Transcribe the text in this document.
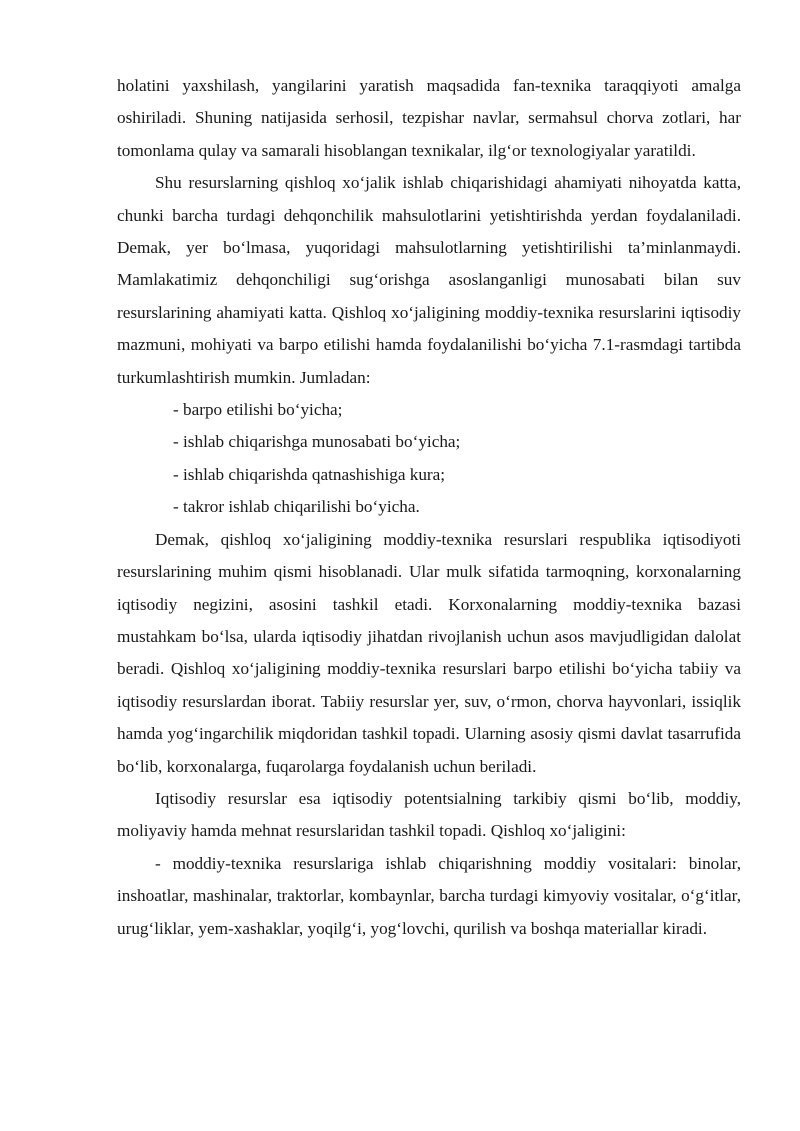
holatini yaxshilash, yangilarini yaratish maqsadida fan-texnika taraqqiyoti amalga oshiriladi. Shuning natijasida serhosil, tezpishar navlar, sermahsul chorva zotlari, har tomonlama qulay va samarali hisoblangan texnikalar, ilg‘or texnologiyalar yaratildi.

Shu resurslarning qishloq xo‘jalik ishlab chiqarishidagi ahamiyati nihoyatda katta, chunki barcha turdagi dehqonchilik mahsulotlarini yetishtirishda yerdan foydalaniladi. Demak, yer bo‘lmasa, yuqoridagi mahsulotlarning yetishtirilishi ta’minlanmaydi. Mamlakatimiz dehqonchiligi sug‘orishga asoslanganligi munosabati bilan suv resurslarining ahamiyati katta. Qishloq xo‘jaligining moddiy-texnika resurslarini iqtisodiy mazmuni, mohiyati va barpo etilishi hamda foydalanilishi bo‘yicha 7.1-rasmdagi tartibda turkumlashtirish mumkin. Jumladan:

- barpo etilishi bo‘yicha;

- ishlab chiqarishga munosabati bo‘yicha;

- ishlab chiqarishda qatnashishiga kura;

- takror ishlab chiqarilishi bo‘yicha.

Demak, qishloq xo‘jaligining moddiy-texnika resurslari respublika iqtisodiyoti resurslarining muhim qismi hisoblanadi. Ular mulk sifatida tarmoqning, korxonalarning iqtisodiy negizini, asosini tashkil etadi. Korxonalarning moddiy-texnika bazasi mustahkam bo‘lsa, ularda iqtisodiy jihatdan rivojlanish uchun asos mavjudligidan dalolat beradi. Qishloq xo‘jaligining moddiy-texnika resurslari barpo etilishi bo‘yicha tabiiy va iqtisodiy resurslardan iborat. Tabiiy resurslar yer, suv, o‘rmon, chorva hayvonlari, issiqlik hamda yog‘ingarchilik miqdoridan tashkil topadi. Ularning asosiy qismi davlat tasarrufida bo‘lib, korxonalarga, fuqarolarga foydalanish uchun beriladi.

Iqtisodiy resurslar esa iqtisodiy potentsialning tarkibiy qismi bo‘lib, moddiy, moliyaviy hamda mehnat resurslaridan tashkil topadi. Qishloq xo‘jaligini:

- moddiy-texnika resurslariga ishlab chiqarishning moddiy vositalari: binolar, inshoatlar, mashinalar, traktorlar, kombaynlar, barcha turdagi kimyoviy vositalar, o‘g‘itlar, urug‘liklar, yem-xashaklar, yoqilg‘i, yog‘lovchi, qurilish va boshqa materiallar kiradi.
